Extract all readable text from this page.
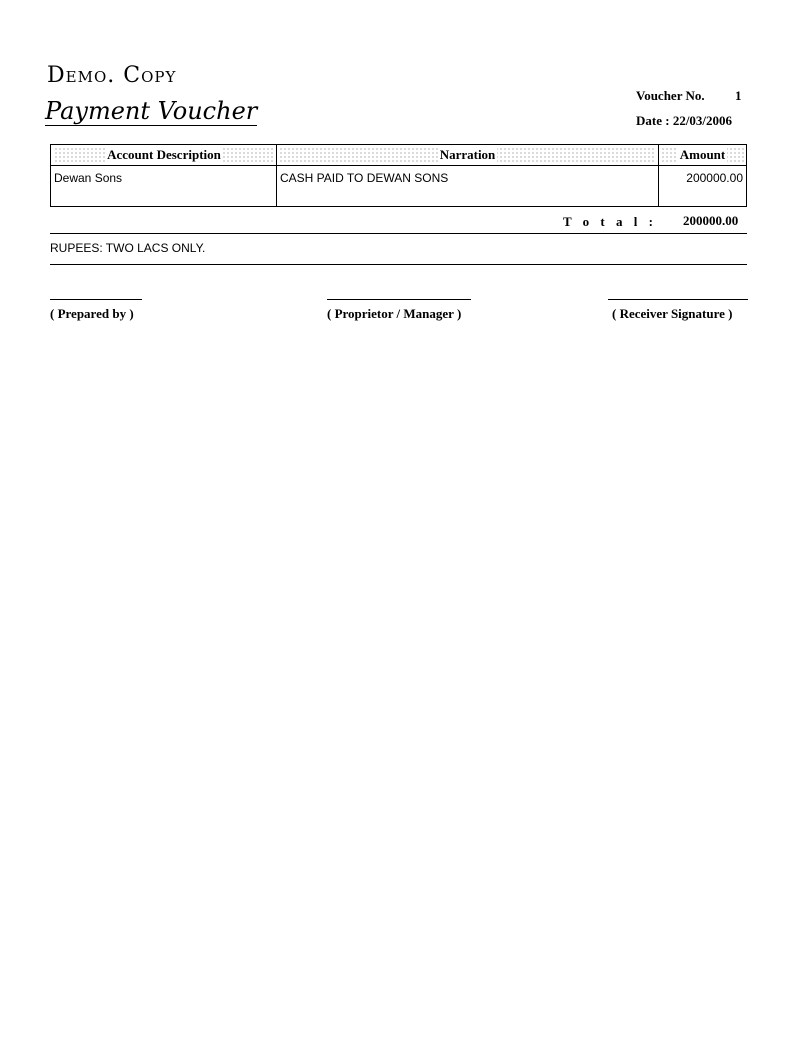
Demo. Copy
Payment Voucher
Voucher No. 1
Date : 22/03/2006
Account Description	Narration	Amount
Dewan Sons	CASH PAID TO DEWAN SONS	200000.00
T o t a l : 200000.00
RUPEES: TWO LACS ONLY.
( Prepared by )	( Proprietor / Manager )	( Receiver Signature )
